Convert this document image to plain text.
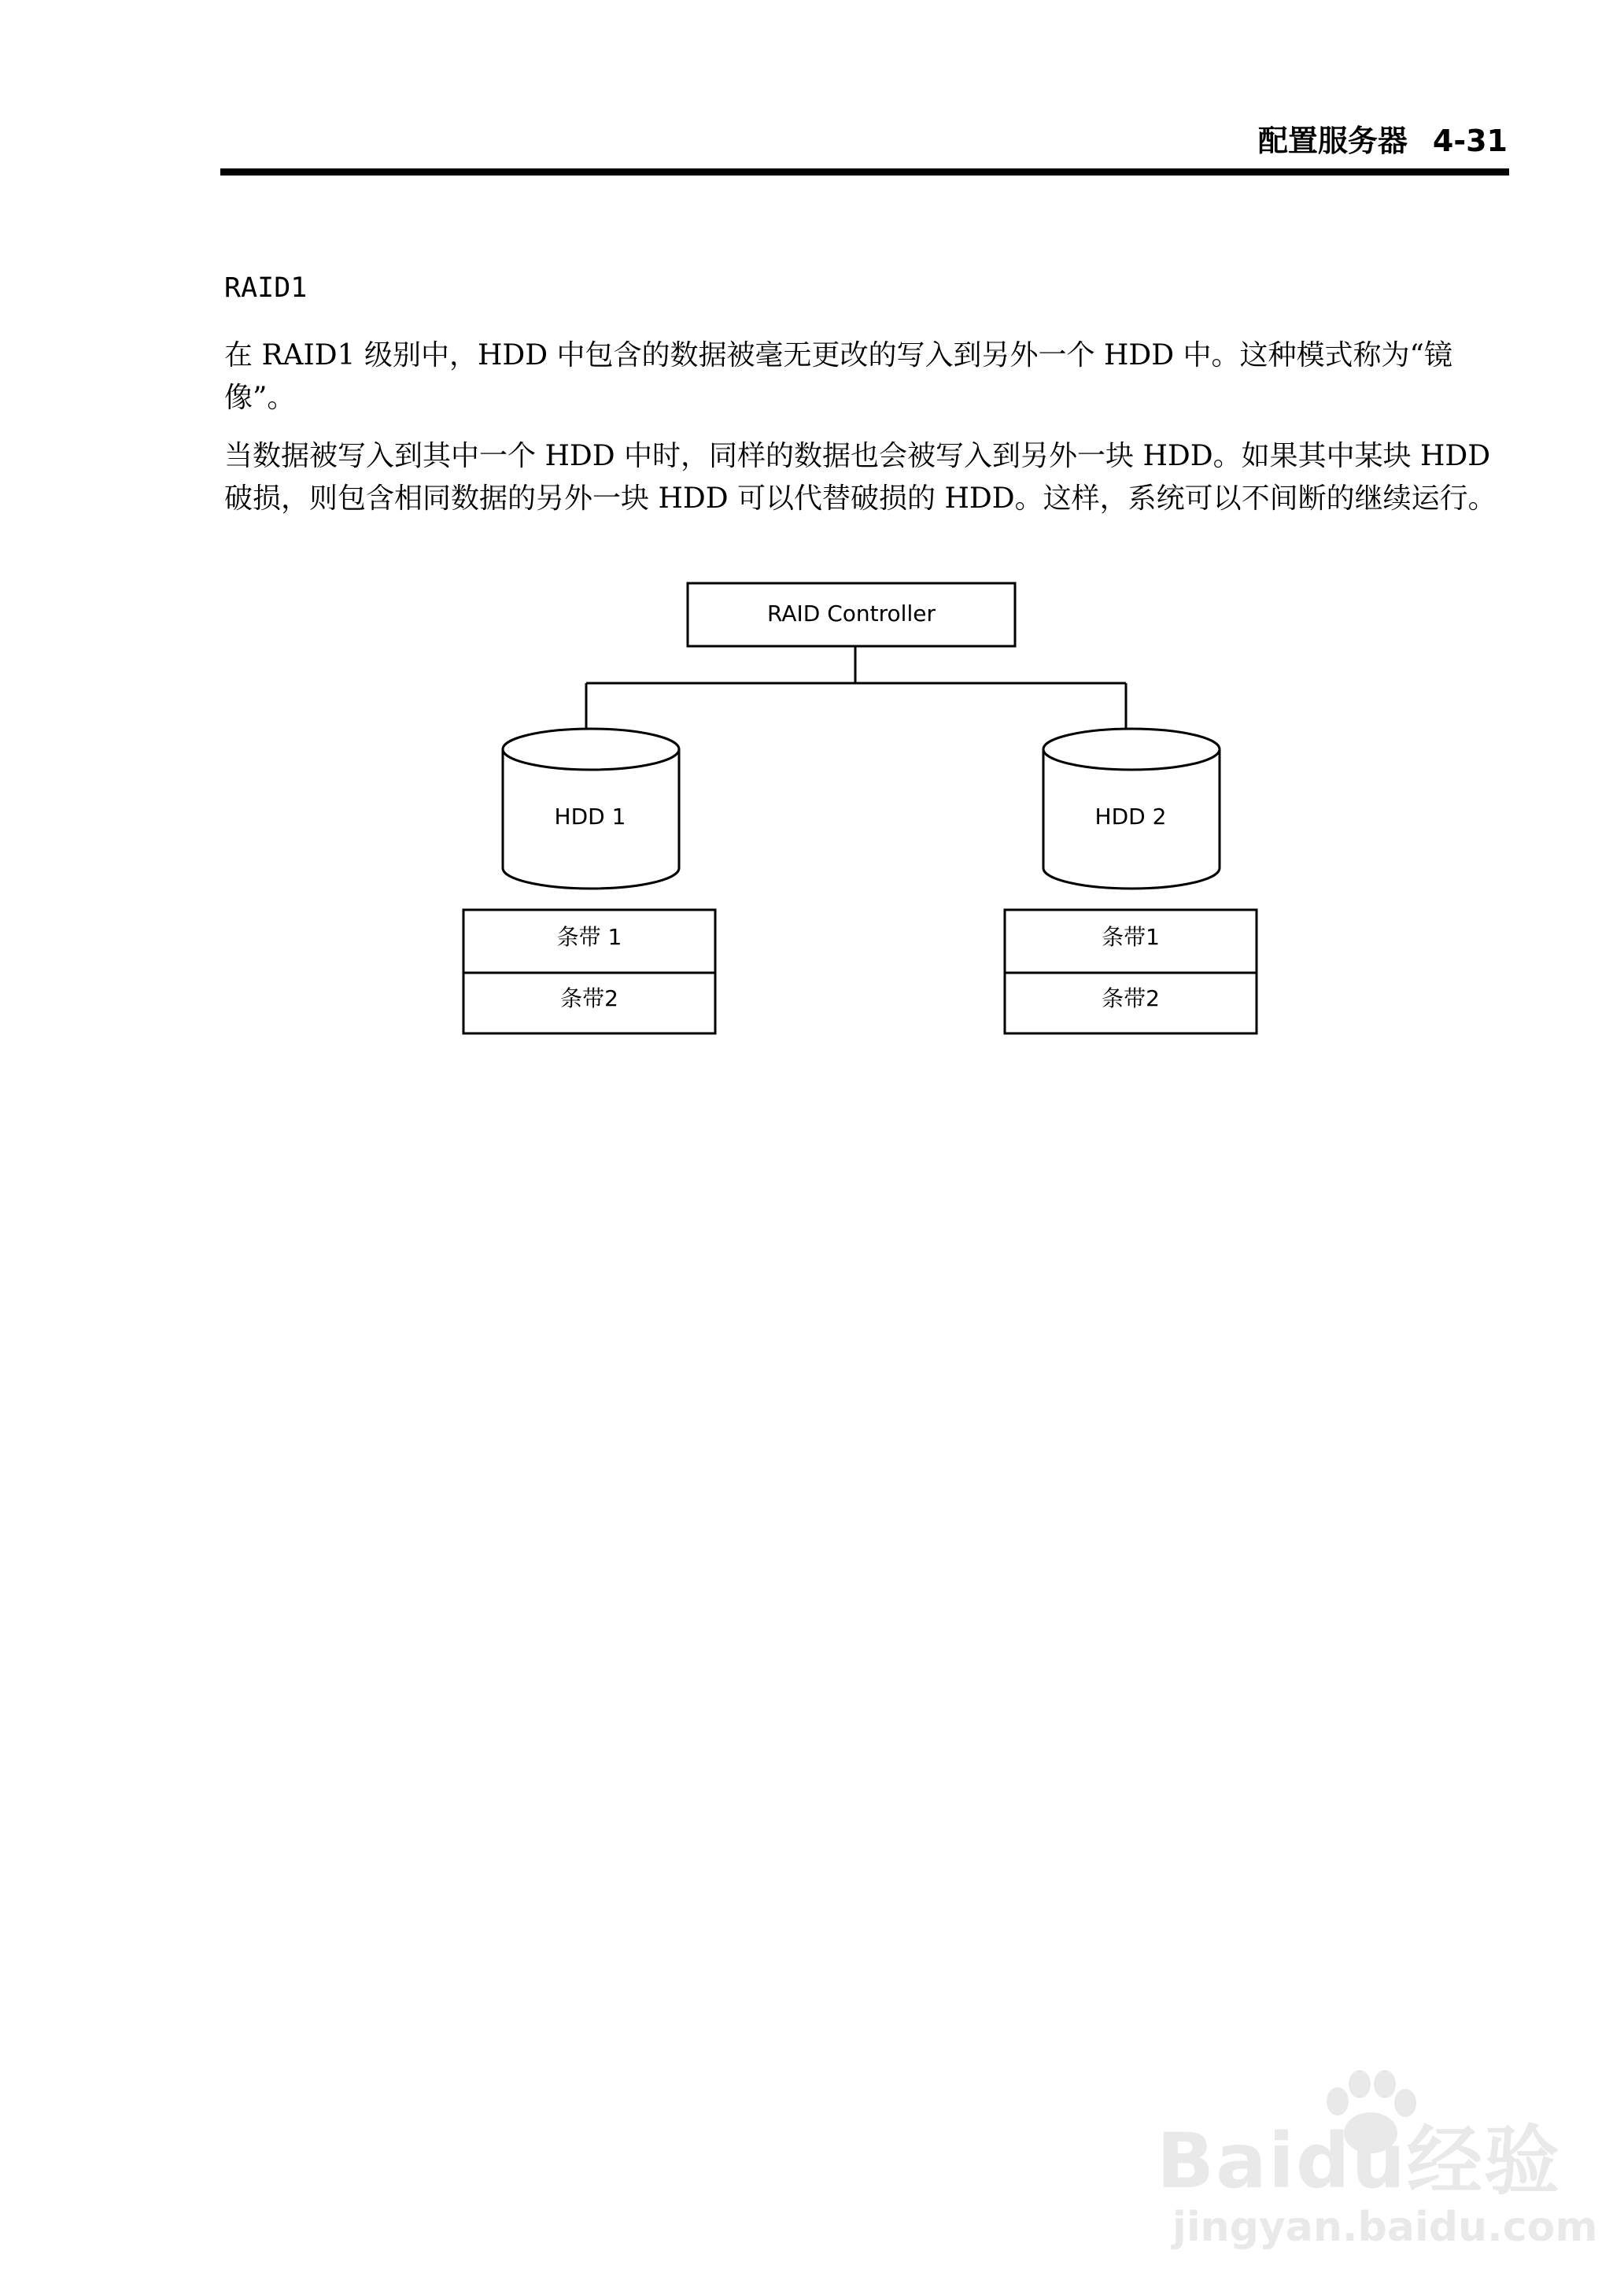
配置服务器 4-31
RAID1

在 RAID1 级别中，HDD 中包含的数据被毫无更改的写入到另外一个 HDD 中。这种模式称为“镜像”。

当数据被写入到其中一个 HDD 中时，同样的数据也会被写入到另外一块 HDD。如果其中某块 HDD 破损，则包含相同数据的另外一块 HDD 可以代替破损的 HDD。这样，系统可以不间断的继续运行。

RAID Controller
HDD 1	HDD 2
条带 1
条带2
条带1
条带2
Baidu经验
jingyan.baidu.com
